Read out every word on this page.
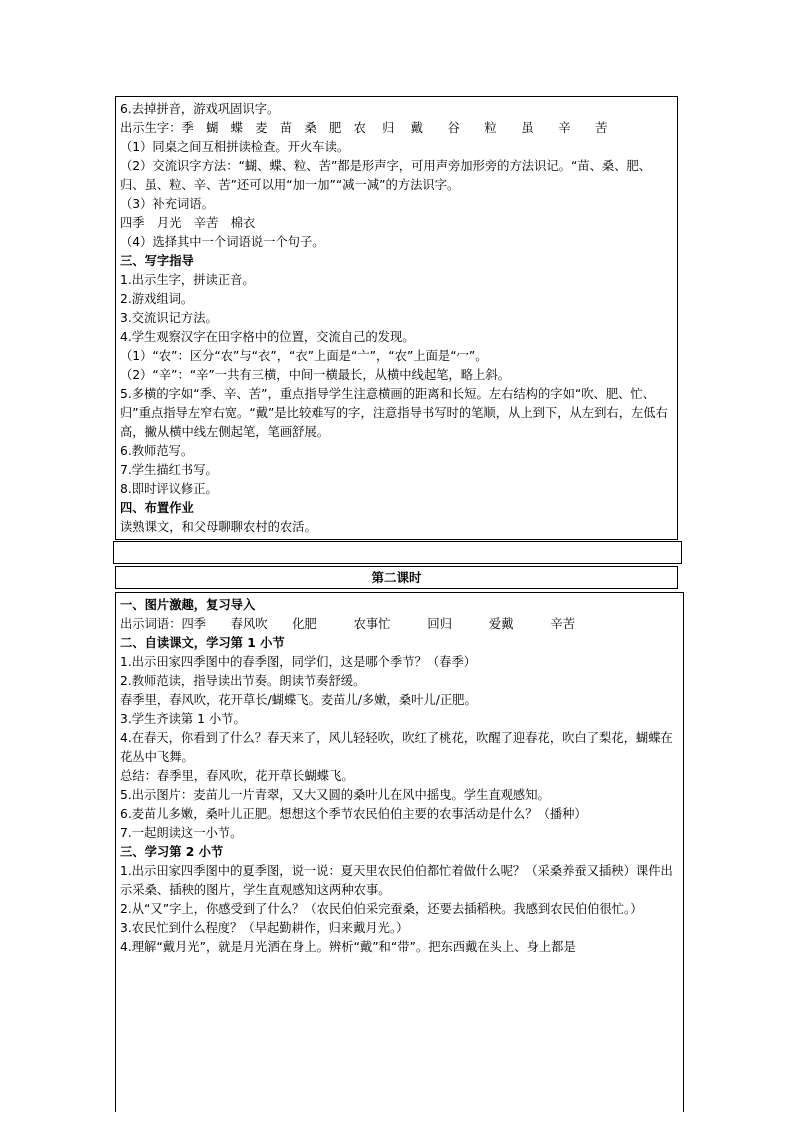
6.去掉拼音，游戏巩固识字。
出示生字：季　蝴　蝶　麦　苗　桑　肥　农　 归　 戴　　谷　　粒　　虽　　辛　　苦
（1）同桌之间互相拼读检查。开火车读。
（2）交流识字方法：“蝴、蝶、粒、苦”都是形声字，可用声旁加形旁的方法识记。“苗、桑、肥、归、虽、粒、辛、苦”还可以用“加一加”“减一减”的方法识字。
（3）补充词语。
四季　月光　辛苦　棉衣
（4）选择其中一个词语说一个句子。
三、写字指导
1.出示生字，拼读正音。
2.游戏组词。
3.交流识记方法。
4.学生观察汉字在田字格中的位置，交流自己的发现。
（1）“农”：区分“农”与“衣”，“衣”上面是“亠”，“农”上面是“冖”。
（2）“辛”：“辛”一共有三横，中间一横最长，从横中线起笔，略上斜。
5.多横的字如“季、辛、苦”，重点指导学生注意横画的距离和长短。左右结构的字如“吹、肥、忙、归”重点指导左窄右宽。“戴”是比较难写的字，注意指导书写时的笔顺，从上到下，从左到右，左低右高，撇从横中线左侧起笔，笔画舒展。
6.教师范写。
7.学生描红书写。
8.即时评议修正。
四、布置作业
读熟课文，和父母聊聊农村的农活。
第二课时
一、图片激趣，复习导入
出示词语：四季　　春风吹　　化肥　　　农事忙　　　回归　　　爱戴　　　辛苦
二、自读课文，学习第 1 小节
1.出示田家四季图中的春季图，同学们，这是哪个季节？（春季）
2.教师范读，指导读出节奏。朗读节奏舒缓。
春季里，春风吹，花开草长/蝴蝶飞。麦苗儿/多嫩，桑叶儿/正肥。
3.学生齐读第 1 小节。
4.在春天，你看到了什么？春天来了，风儿轻轻吹，吹红了桃花，吹醒了迎春花，吹白了梨花，蝴蝶在花丛中飞舞。
总结：春季里，春风吹，花开草长蝴蝶飞。
5.出示图片：麦苗儿一片青翠，又大又圆的桑叶儿在风中摇曳。学生直观感知。
6.麦苗儿多嫩，桑叶儿正肥。想想这个季节农民伯伯主要的农事活动是什么？（播种）
7.一起朗读这一小节。
三、学习第 2 小节
1.出示田家四季图中的夏季图，说一说：夏天里农民伯伯都忙着做什么呢？（采桑养蚕又插秧）课件出示采桑、插秧的图片，学生直观感知这两种农事。
2.从“又”字上，你感受到了什么？（农民伯伯采完蚕桑，还要去插稻秧。我感到农民伯伯很忙。）
3.农民忙到什么程度？（早起勤耕作，归来戴月光。）
4.理解“戴月光”，就是月光洒在身上。辨析“戴”和“带”。把东西戴在头上、身上都是
